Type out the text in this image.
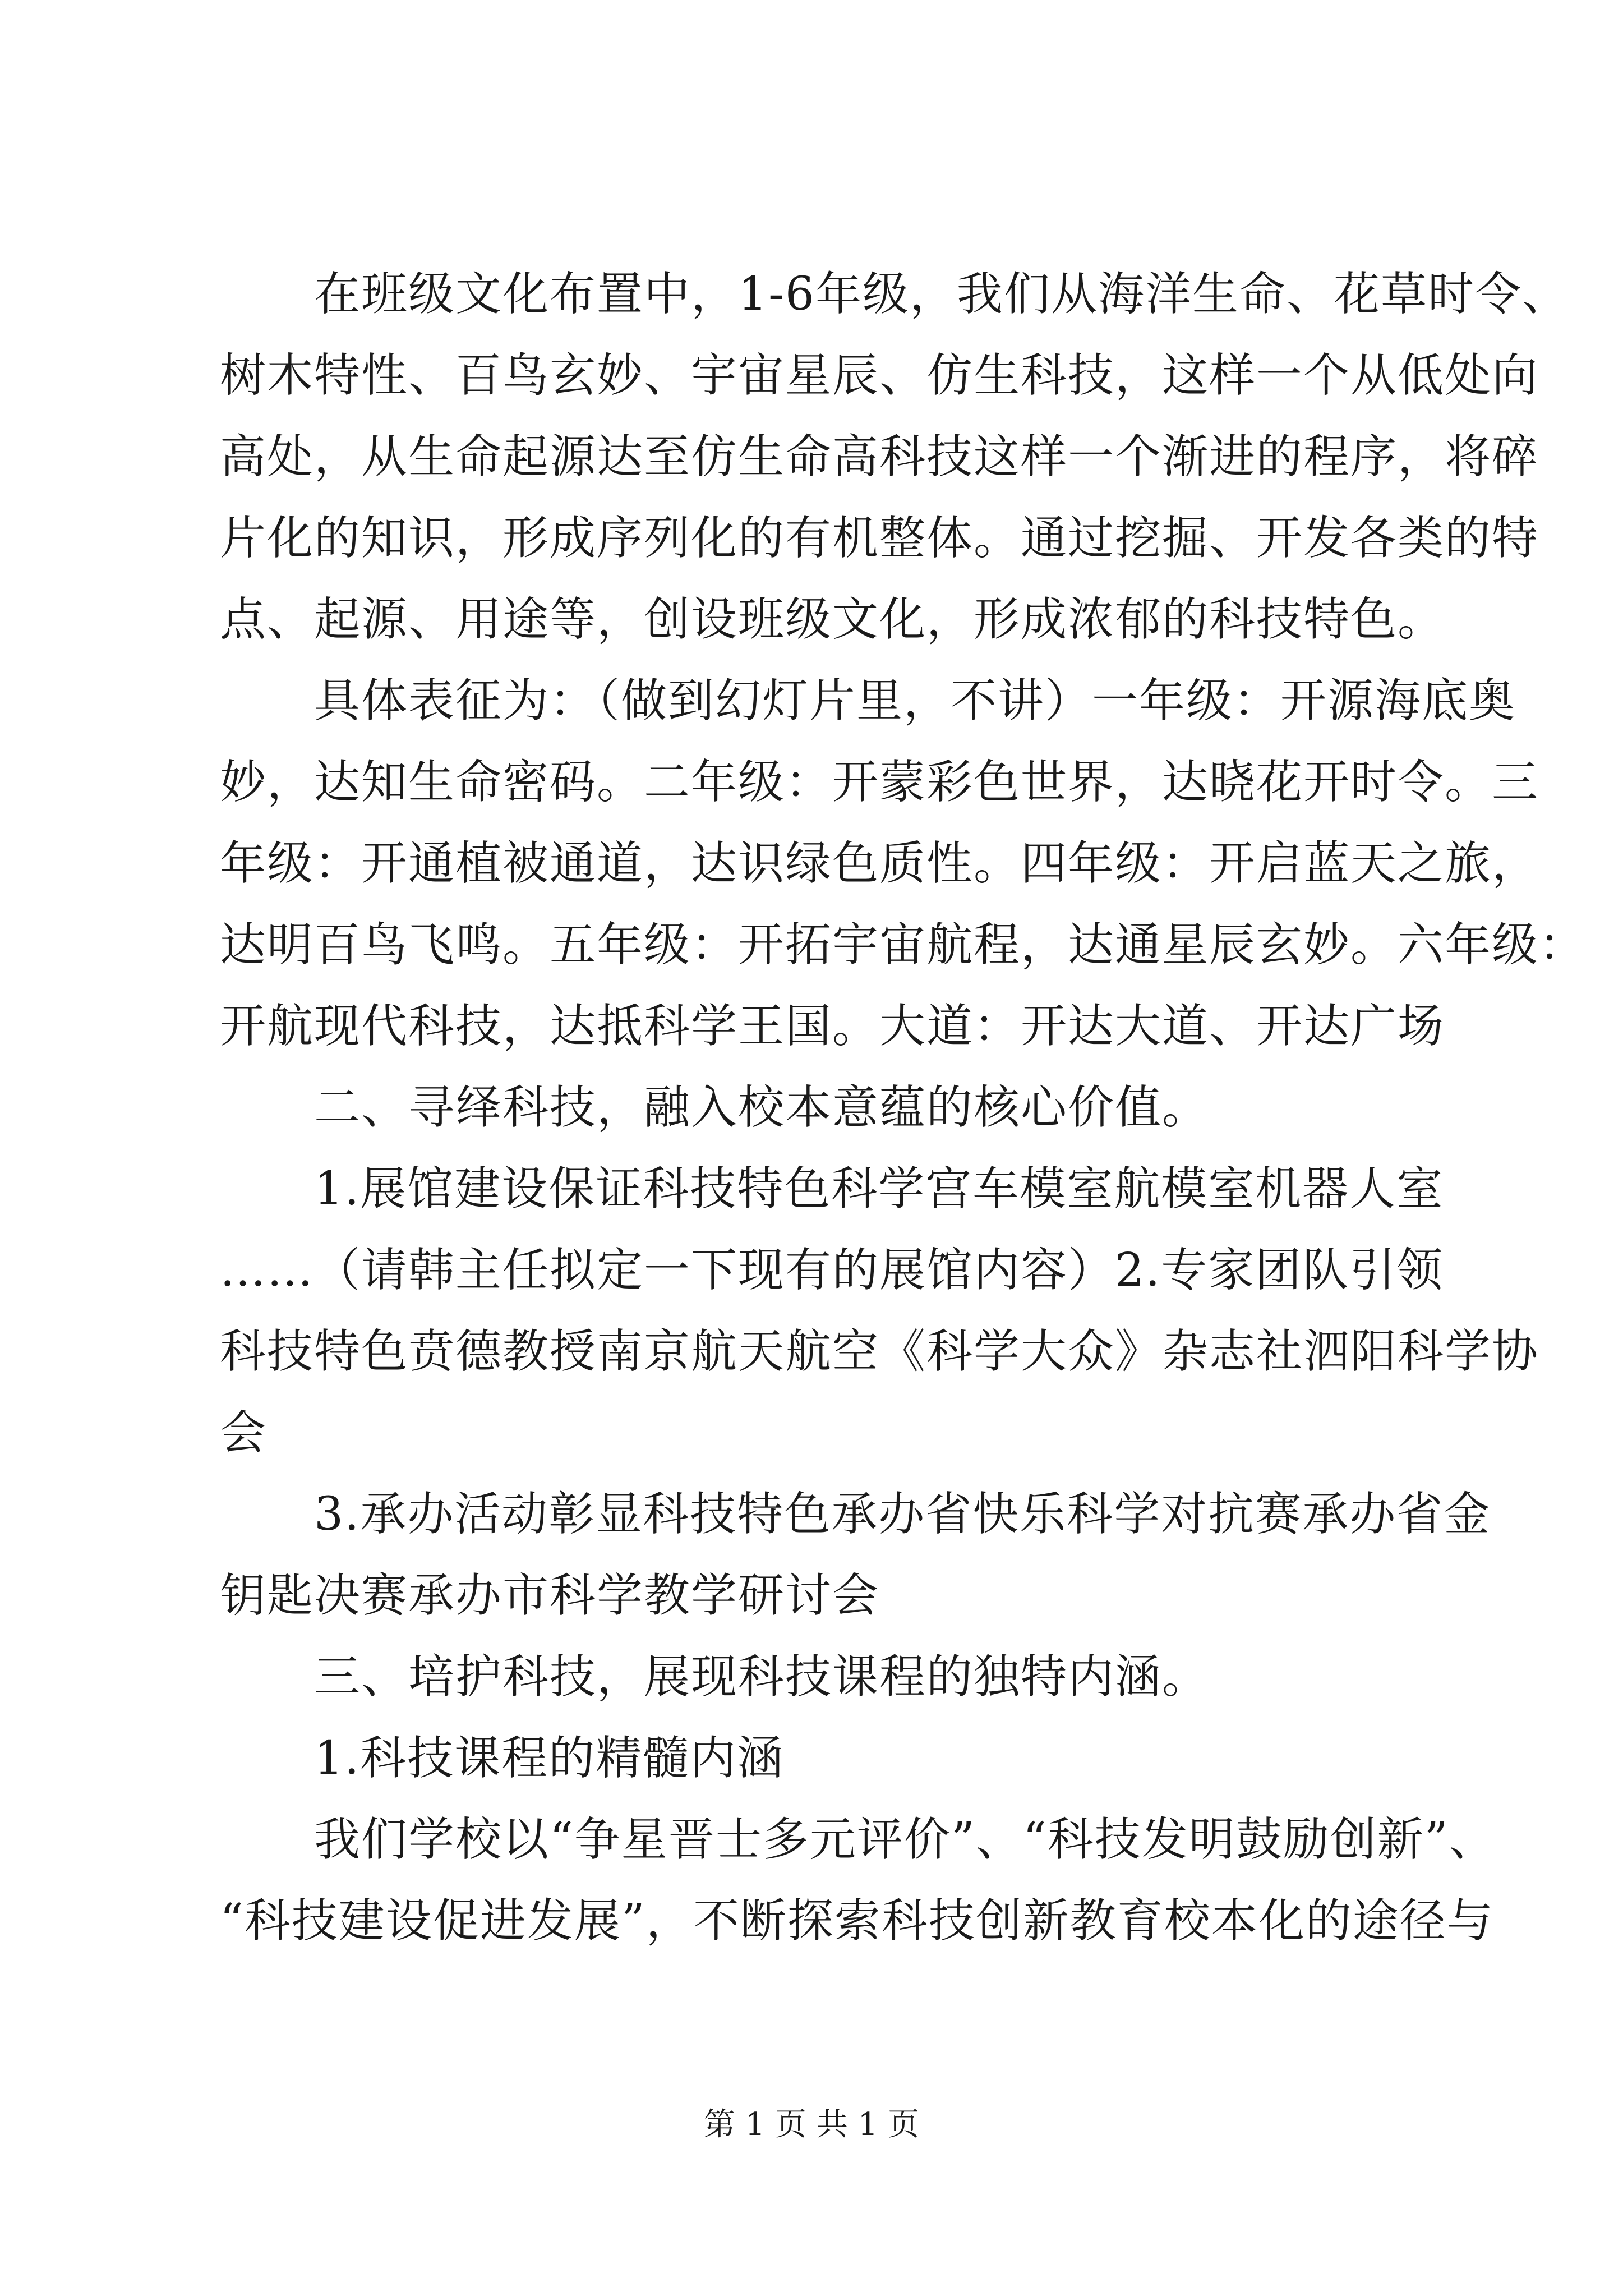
　　在班级文化布置中，1-6年级，我们从海洋生命、花草时令、
树木特性、百鸟玄妙、宇宙星辰、仿生科技，这样一个从低处向
高处，从生命起源达至仿生命高科技这样一个渐进的程序，将碎
片化的知识，形成序列化的有机整体。通过挖掘、开发各类的特
点、起源、用途等，创设班级文化，形成浓郁的科技特色。
　　具体表征为：（做到幻灯片里，不讲）一年级：开源海底奥
妙，达知生命密码。二年级：开蒙彩色世界，达晓花开时令。三
年级：开通植被通道，达识绿色质性。四年级：开启蓝天之旅，
达明百鸟飞鸣。五年级：开拓宇宙航程，达通星辰玄妙。六年级：
开航现代科技，达抵科学王国。大道：开达大道、开达广场
　　二、寻绎科技，融入校本意蕴的核心价值。
　　1.展馆建设保证科技特色科学宫车模室航模室机器人室
……（请韩主任拟定一下现有的展馆内容）2.专家团队引领
科技特色贲德教授南京航天航空《科学大众》杂志社泗阳科学协
会
　　3.承办活动彰显科技特色承办省快乐科学对抗赛承办省金
钥匙决赛承办市科学教学研讨会
　　三、培护科技，展现科技课程的独特内涵。
　　1.科技课程的精髓内涵
　　我们学校以“争星晋士多元评价”、“科技发明鼓励创新”、
“科技建设促进发展”，不断探索科技创新教育校本化的途径与
第 1 页 共 1 页
